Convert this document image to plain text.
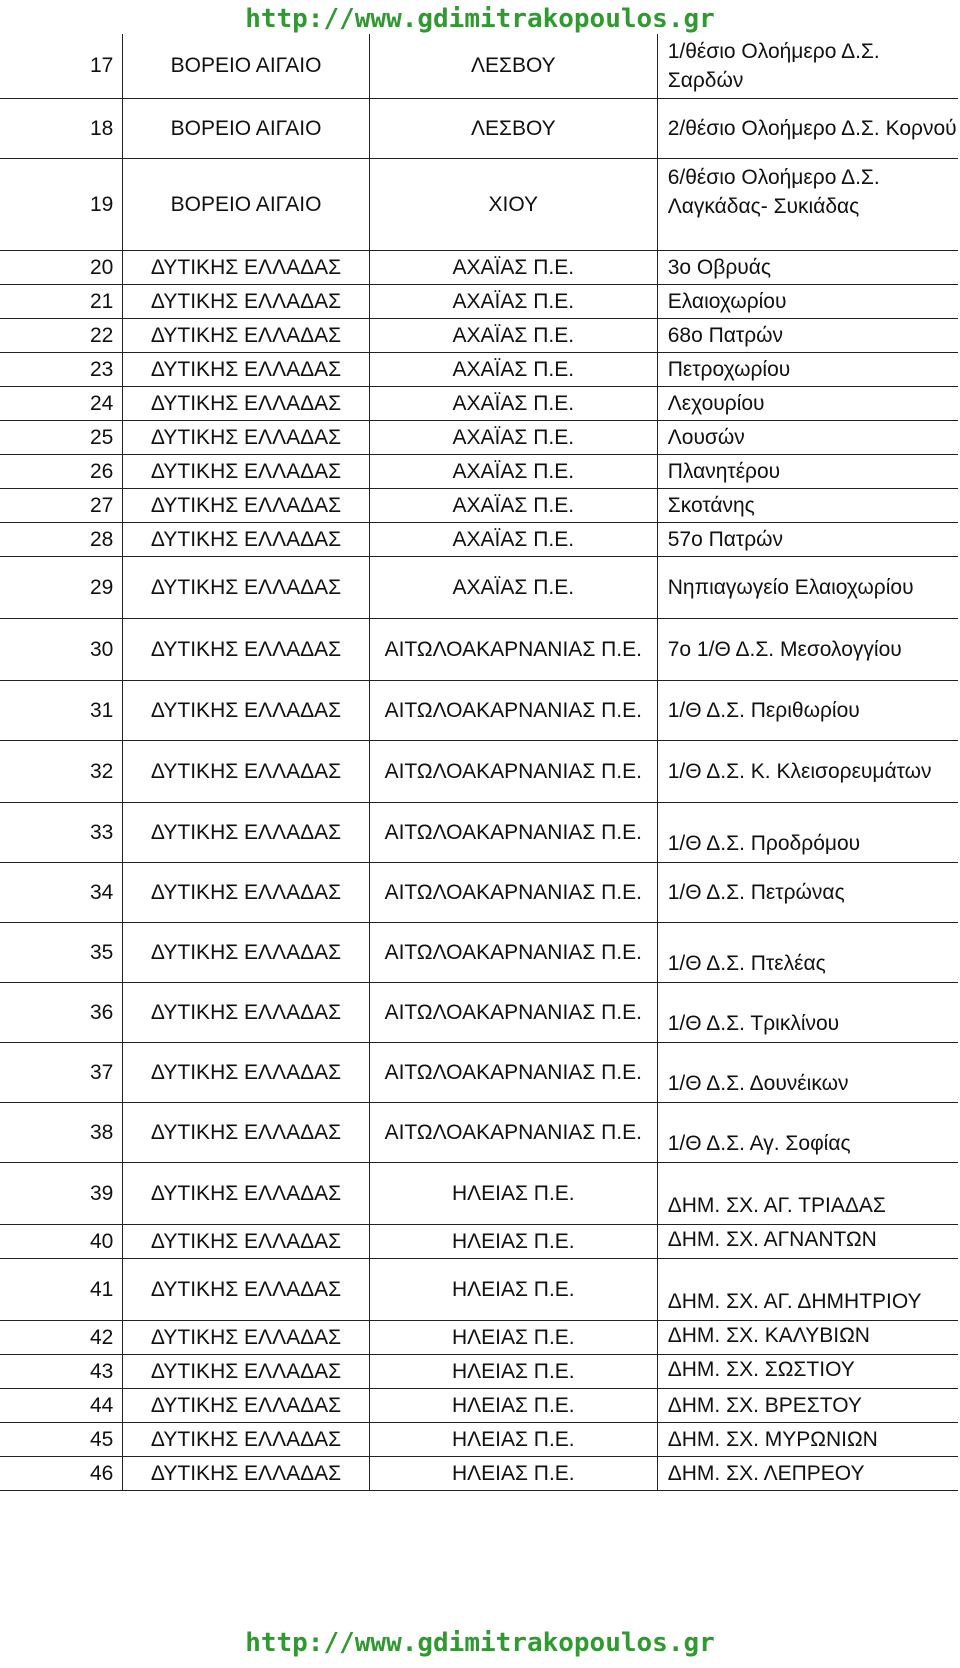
http://www.gdimitrakopoulos.gr
17	ΒΟΡΕΙΟ ΑΙΓΑΙΟ	ΛΕΣΒΟΥ	1/θέσιο Ολοήμερο Δ.Σ. Σαρδών
18	ΒΟΡΕΙΟ ΑΙΓΑΙΟ	ΛΕΣΒΟΥ	2/θέσιο Ολοήμερο Δ.Σ. Κορνού
19	ΒΟΡΕΙΟ ΑΙΓΑΙΟ	ΧΙΟΥ	6/θέσιο Ολοήμερο Δ.Σ. Λαγκάδας- Συκιάδας
20	ΔΥΤΙΚΗΣ ΕΛΛΑΔΑΣ	ΑΧΑΪΑΣ Π.Ε.	3ο Οβρυάς
21	ΔΥΤΙΚΗΣ ΕΛΛΑΔΑΣ	ΑΧΑΪΑΣ Π.Ε.	Ελαιοχωρίου
22	ΔΥΤΙΚΗΣ ΕΛΛΑΔΑΣ	ΑΧΑΪΑΣ Π.Ε.	68ο Πατρών
23	ΔΥΤΙΚΗΣ ΕΛΛΑΔΑΣ	ΑΧΑΪΑΣ Π.Ε.	Πετροχωρίου
24	ΔΥΤΙΚΗΣ ΕΛΛΑΔΑΣ	ΑΧΑΪΑΣ Π.Ε.	Λεχουρίου
25	ΔΥΤΙΚΗΣ ΕΛΛΑΔΑΣ	ΑΧΑΪΑΣ Π.Ε.	Λουσών
26	ΔΥΤΙΚΗΣ ΕΛΛΑΔΑΣ	ΑΧΑΪΑΣ Π.Ε.	Πλανητέρου
27	ΔΥΤΙΚΗΣ ΕΛΛΑΔΑΣ	ΑΧΑΪΑΣ Π.Ε.	Σκοτάνης
28	ΔΥΤΙΚΗΣ ΕΛΛΑΔΑΣ	ΑΧΑΪΑΣ Π.Ε.	57ο Πατρών
29	ΔΥΤΙΚΗΣ ΕΛΛΑΔΑΣ	ΑΧΑΪΑΣ Π.Ε.	Νηπιαγωγείο Ελαιοχωρίου
30	ΔΥΤΙΚΗΣ ΕΛΛΑΔΑΣ	ΑΙΤΩΛΟΑΚΑΡΝΑΝΙΑΣ Π.Ε.	7ο 1/Θ Δ.Σ. Μεσολογγίου
31	ΔΥΤΙΚΗΣ ΕΛΛΑΔΑΣ	ΑΙΤΩΛΟΑΚΑΡΝΑΝΙΑΣ Π.Ε.	1/Θ Δ.Σ. Περιθωρίου
32	ΔΥΤΙΚΗΣ ΕΛΛΑΔΑΣ	ΑΙΤΩΛΟΑΚΑΡΝΑΝΙΑΣ Π.Ε.	1/Θ Δ.Σ. Κ. Κλεισορευμάτων
33	ΔΥΤΙΚΗΣ ΕΛΛΑΔΑΣ	ΑΙΤΩΛΟΑΚΑΡΝΑΝΙΑΣ Π.Ε.	1/Θ Δ.Σ. Προδρόμου
34	ΔΥΤΙΚΗΣ ΕΛΛΑΔΑΣ	ΑΙΤΩΛΟΑΚΑΡΝΑΝΙΑΣ Π.Ε.	1/Θ Δ.Σ. Πετρώνας
35	ΔΥΤΙΚΗΣ ΕΛΛΑΔΑΣ	ΑΙΤΩΛΟΑΚΑΡΝΑΝΙΑΣ Π.Ε.	1/Θ Δ.Σ. Πτελέας
36	ΔΥΤΙΚΗΣ ΕΛΛΑΔΑΣ	ΑΙΤΩΛΟΑΚΑΡΝΑΝΙΑΣ Π.Ε.	1/Θ Δ.Σ. Τρικλίνου
37	ΔΥΤΙΚΗΣ ΕΛΛΑΔΑΣ	ΑΙΤΩΛΟΑΚΑΡΝΑΝΙΑΣ Π.Ε.	1/Θ Δ.Σ. Δουνέικων
38	ΔΥΤΙΚΗΣ ΕΛΛΑΔΑΣ	ΑΙΤΩΛΟΑΚΑΡΝΑΝΙΑΣ Π.Ε.	1/Θ Δ.Σ. Αγ. Σοφίας
39	ΔΥΤΙΚΗΣ ΕΛΛΑΔΑΣ	ΗΛΕΙΑΣ Π.Ε.	ΔΗΜ. ΣΧ. ΑΓ. ΤΡΙΑΔΑΣ
40	ΔΥΤΙΚΗΣ ΕΛΛΑΔΑΣ	ΗΛΕΙΑΣ Π.Ε.	ΔΗΜ. ΣΧ. ΑΓΝΑΝΤΩΝ
41	ΔΥΤΙΚΗΣ ΕΛΛΑΔΑΣ	ΗΛΕΙΑΣ Π.Ε.	ΔΗΜ. ΣΧ. ΑΓ. ΔΗΜΗΤΡΙΟΥ
42	ΔΥΤΙΚΗΣ ΕΛΛΑΔΑΣ	ΗΛΕΙΑΣ Π.Ε.	ΔΗΜ. ΣΧ. ΚΑΛΥΒΙΩΝ
43	ΔΥΤΙΚΗΣ ΕΛΛΑΔΑΣ	ΗΛΕΙΑΣ Π.Ε.	ΔΗΜ. ΣΧ. ΣΩΣΤΙΟΥ
44	ΔΥΤΙΚΗΣ ΕΛΛΑΔΑΣ	ΗΛΕΙΑΣ Π.Ε.	ΔΗΜ. ΣΧ. ΒΡΕΣΤΟΥ
45	ΔΥΤΙΚΗΣ ΕΛΛΑΔΑΣ	ΗΛΕΙΑΣ Π.Ε.	ΔΗΜ. ΣΧ. ΜΥΡΩΝΙΩΝ
46	ΔΥΤΙΚΗΣ ΕΛΛΑΔΑΣ	ΗΛΕΙΑΣ Π.Ε.	ΔΗΜ. ΣΧ. ΛΕΠΡΕΟΥ
http://www.gdimitrakopoulos.gr
